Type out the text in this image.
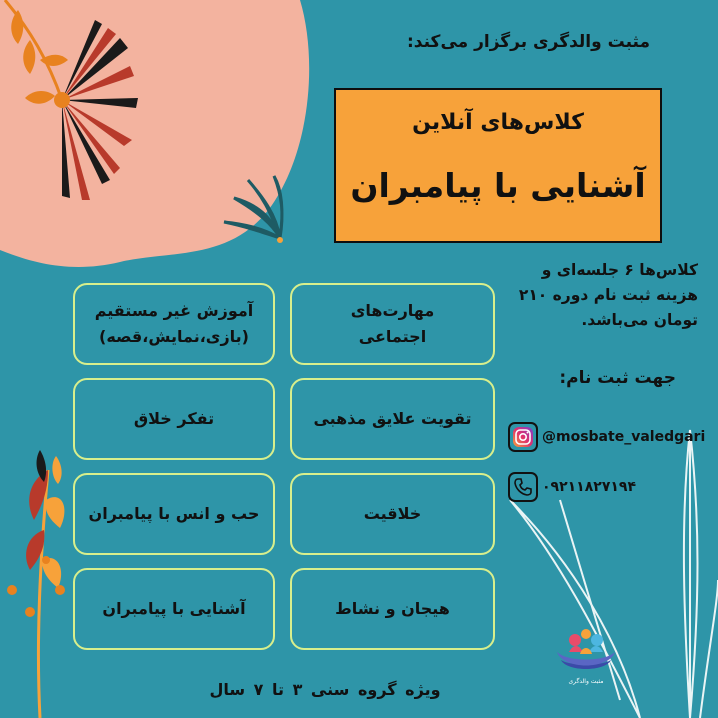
مثبت والدگری برگزار می‌کند:
کلاس‌های آنلاین
آشنایی با پیامبران
کلاس‌ها ۶ جلسه‌ای و
هزینه ثبت نام دوره ۲۱۰
تومان می‌باشد.
جهت ثبت نام:
@mosbate_valedgari
۰۹۲۱۱۸۲۷۱۹۴
مهارت‌های
اجتماعی
آموزش غیر مستقیم
(بازی،نمایش،قصه)
تقویت علایق مذهبی
تفکر خلاق
خلاقیت
حب و انس با پیامبران
هیجان و نشاط
آشنایی با پیامبران
ویژه گروه سنی ۳ تا ۷ سال	مثبت والدگری
